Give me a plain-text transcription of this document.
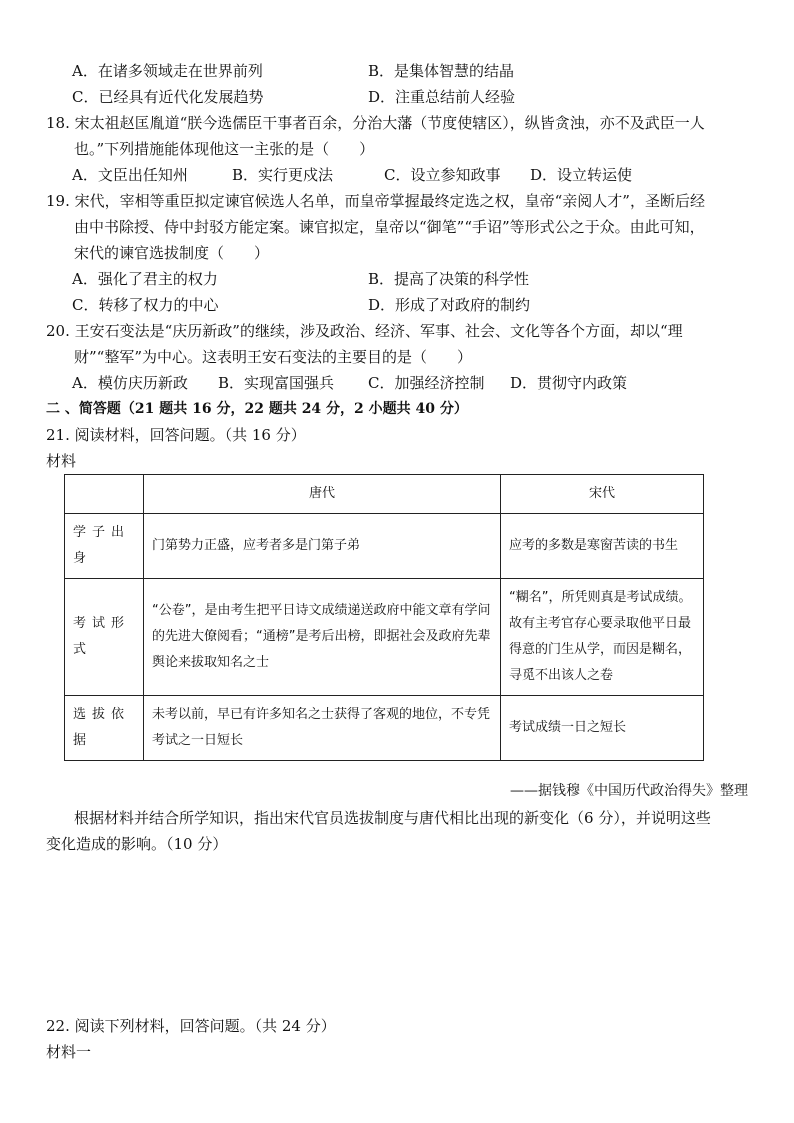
A．在诸多领域走在世界前列	B．是集体智慧的结晶
C．已经具有近代化发展趋势	D．注重总结前人经验
18. 宋太祖赵匡胤道“朕今选儒臣干事者百余，分治大藩（节度使辖区），纵皆贪浊，亦不及武臣一人
也。”下列措施能体现他这一主张的是（　　）
A．文臣出任知州	B．实行更戍法	C．设立参知政事 D．设立转运使
19. 宋代，宰相等重臣拟定谏官候选人名单，而皇帝掌握最终定选之权，皇帝“亲阅人才”，圣断后经
由中书除授、侍中封驳方能定案。谏官拟定，皇帝以“御笔”“手诏”等形式公之于众。由此可知，
宋代的谏官选拔制度（　　）
A．强化了君主的权力	B．提高了决策的科学性
C．转移了权力的中心	D．形成了对政府的制约
20. 王安石变法是“庆历新政”的继续，涉及政治、经济、军事、社会、文化等各个方面，却以“理
财”“整军”为中心。这表明王安石变法的主要目的是（　　）
A．模仿庆历新政 B．实现富国强兵 C．加强经济控制 D．贯彻守内政策
二 、简答题（21 题共 16 分，22 题共 24 分，2 小题共 40 分）
21. 阅读材料，回答问题。（共 16 分）
材料
	唐代	宋代
学子出身	门第势力正盛，应考者多是门第子弟	应考的多数是寒窗苦读的书生
考试形式	“公卷”，是由考生把平日诗文成绩递送政府中能文章有学问的先进大僚阅看；“通榜”是考后出榜，即据社会及政府先辈舆论来拔取知名之士	“糊名”，所凭则真是考试成绩。故有主考官存心要录取他平日最得意的门生从学，而因是糊名，寻觅不出该人之卷
选拔依据	未考以前，早已有许多知名之士获得了客观的地位，不专凭考试之一日短长	考试成绩一日之短长
——据钱穆《中国历代政治得失》整理
根据材料并结合所学知识，指出宋代官员选拔制度与唐代相比出现的新变化（6 分），并说明这些
变化造成的影响。（10 分）
22. 阅读下列材料，回答问题。（共 24 分）
材料一
